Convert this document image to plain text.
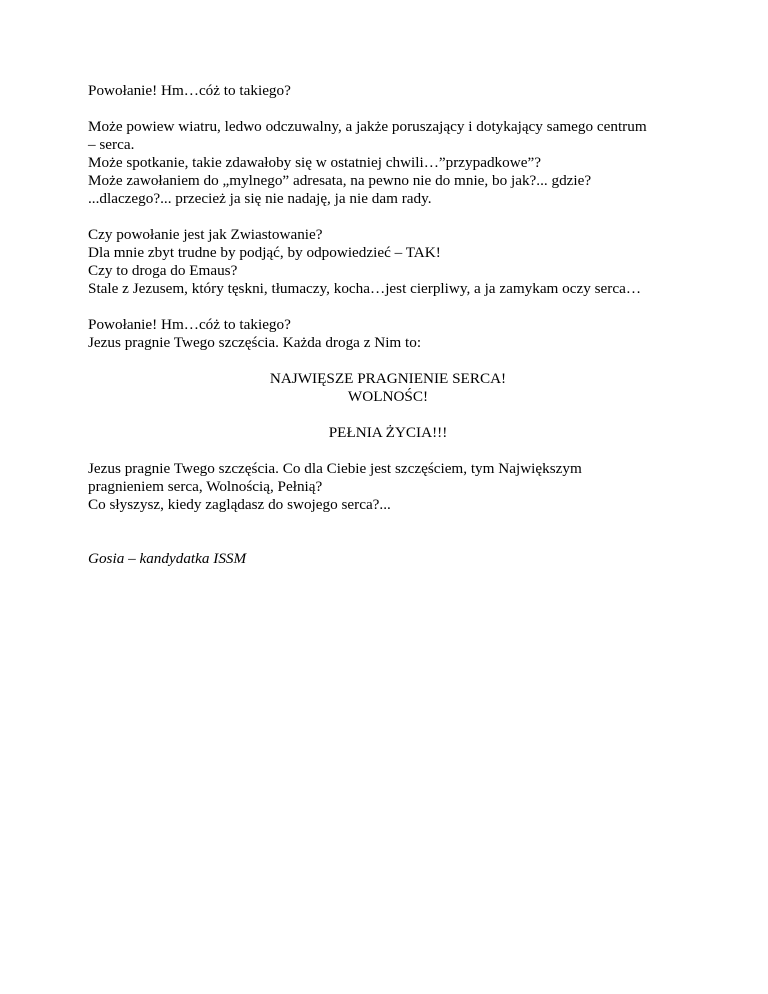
Powołanie! Hm…cóż to takiego?
Może powiew wiatru, ledwo odczuwalny, a jakże poruszający i dotykający samego centrum
– serca.
Może spotkanie, takie zdawałoby się w ostatniej chwili…”przypadkowe”?
Może zawołaniem do „mylnego” adresata, na pewno nie do mnie, bo jak?... gdzie?
...dlaczego?... przecież ja się nie nadaję, ja nie dam rady.
Czy powołanie jest jak Zwiastowanie?
Dla mnie zbyt trudne by podjąć, by odpowiedzieć – TAK!
Czy to droga do Emaus?
Stale z Jezusem, który tęskni, tłumaczy, kocha…jest cierpliwy, a ja zamykam oczy serca…
Powołanie! Hm…cóż to takiego?
Jezus pragnie Twego szczęścia. Każda droga z Nim to:
NAJWIĘSZE PRAGNIENIE SERCA!
WOLNOŚC!
PEŁNIA ŻYCIA!!!
Jezus pragnie Twego szczęścia. Co dla Ciebie jest szczęściem, tym Największym
pragnieniem serca, Wolnością, Pełnią?
Co słyszysz, kiedy zaglądasz do swojego serca?...
Gosia – kandydatka ISSM
